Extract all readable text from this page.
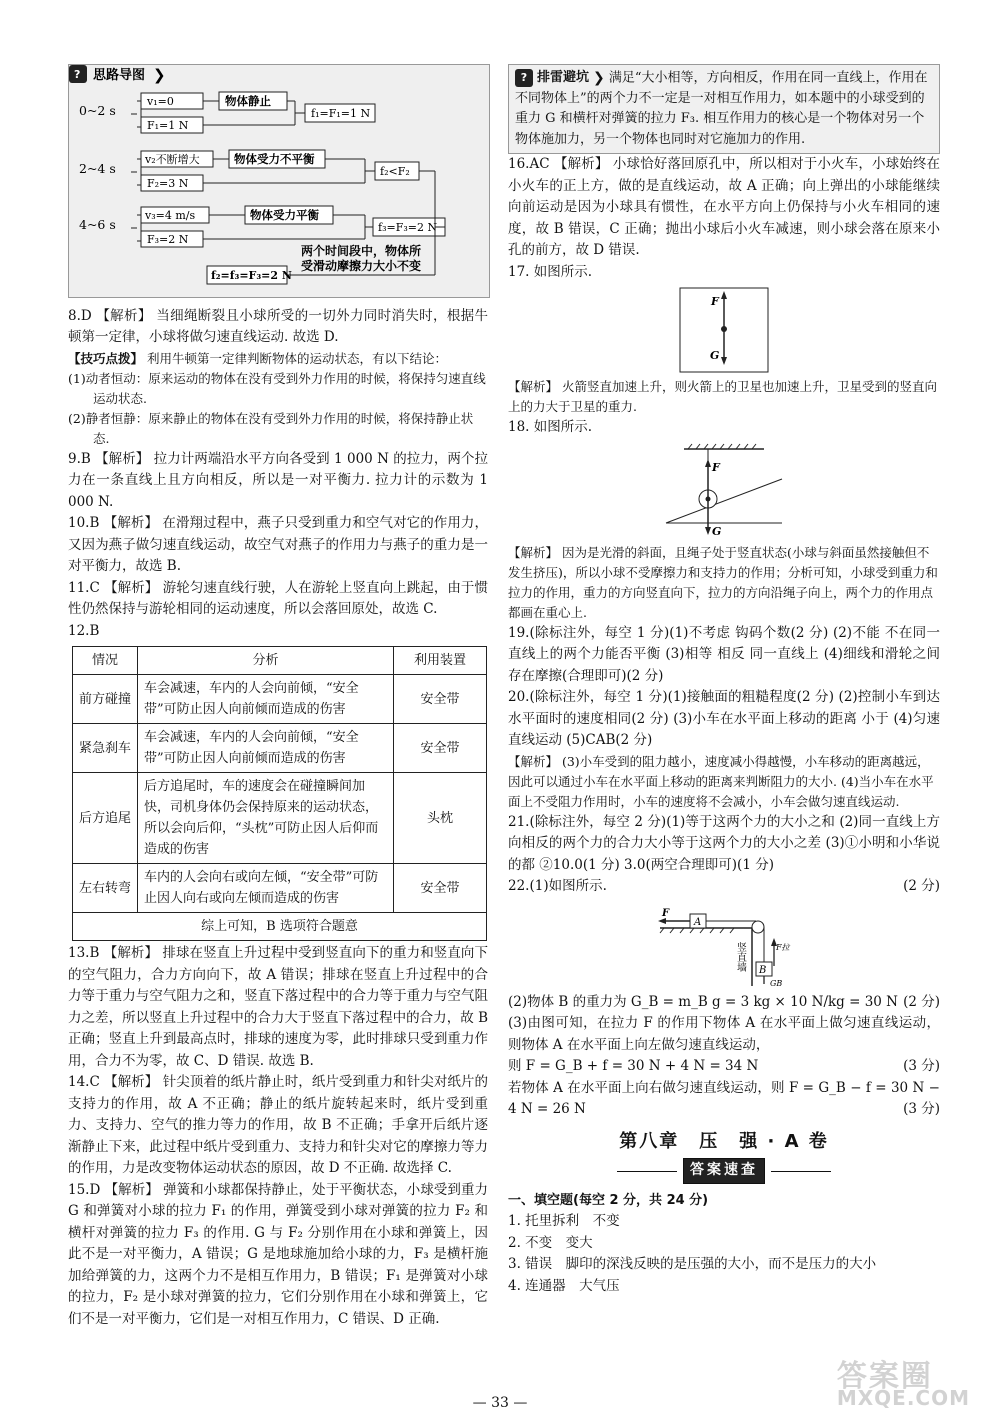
? 思路导图 ❯
0~2 s
v₁=0
F₁=1 N
物体静止
f₁=F₁=1 N
2~4 s
v₂不断增大
F₂=3 N
物体受力不平衡
f₂<F₂
4~6 s
v₃=4 m/s
F₃=2 N
物体受力平衡
f₃=F₃=2 N
两个时间段中，物体所
受滑动摩擦力大小不变
f₂=f₃=F₃=2 N

8.D 【解析】 当细绳断裂且小球所受的一切外力同时消失时，根据牛顿第一定律，小球将做匀速直线运动. 故选 D.

【技巧点拨】 利用牛顿第一定律判断物体的运动状态，有以下结论：

(1)动者恒动：原来运动的物体在没有受到外力作用的时候，将保持匀速直线运动状态.

(2)静者恒静：原来静止的物体在没有受到外力作用的时候，将保持静止状态.

9.B 【解析】 拉力计两端沿水平方向各受到 1 000 N 的拉力，两个拉力在一条直线上且方向相反，所以是一对平衡力. 拉力计的示数为 1 000 N.

10.B 【解析】 在滑翔过程中，燕子只受到重力和空气对它的作用力，又因为燕子做匀速直线运动，故空气对燕子的作用力与燕子的重力是一对平衡力，故选 B.

11.C 【解析】 游轮匀速直线行驶，人在游轮上竖直向上跳起，由于惯性仍然保持与游轮相同的运动速度，所以会落回原处，故选 C.

12.B

情况	分析	利用装置
前方碰撞	车会减速，车内的人会向前倾，“安全带”可防止因人向前倾而造成的伤害	安全带
紧急刹车	车会减速，车内的人会向前倾，“安全带”可防止因人向前倾而造成的伤害	安全带
后方追尾	后方追尾时，车的速度会在碰撞瞬间加快，司机身体仍会保持原来的运动状态，所以会向后仰，“头枕”可防止因人后仰而造成的伤害	头枕
左右转弯	车内的人会向右或向左倾，“安全带”可防止因人向右或向左倾而造成的伤害	安全带
综上可知，B 选项符合题意		

13.B 【解析】 排球在竖直上升过程中受到竖直向下的重力和竖直向下的空气阻力，合力方向向下，故 A 错误；排球在竖直上升过程中的合力等于重力与空气阻力之和，竖直下落过程中的合力等于重力与空气阻力之差，所以竖直上升过程中的合力大于竖直下落过程中的合力，故 B 正确；竖直上升到最高点时，排球的速度为零，此时排球只受到重力作用，合力不为零，故 C、D 错误. 故选 B.

14.C 【解析】 针尖顶着的纸片静止时，纸片受到重力和针尖对纸片的支持力的作用，故 A 不正确；静止的纸片旋转起来时，纸片受到重力、支持力、空气的推力等力的作用，故 B 不正确；手拿开后纸片逐渐静止下来，此过程中纸片受到重力、支持力和针尖对它的摩擦力等力的作用，力是改变物体运动状态的原因，故 D 不正确. 故选择 C.

15.D 【解析】 弹簧和小球都保持静止，处于平衡状态，小球受到重力 G 和弹簧对小球的拉力 F₁ 的作用，弹簧受到小球对弹簧的拉力 F₂ 和横杆对弹簧的拉力 F₃ 的作用. G 与 F₂ 分别作用在小球和弹簧上，因此不是一对平衡力，A 错误；G 是地球施加给小球的力，F₃ 是横杆施加给弹簧的力，这两个力不是相互作用力，B 错误；F₁ 是弹簧对小球的拉力，F₂ 是小球对弹簧的拉力，它们分别作用在小球和弹簧上，它们不是一对平衡力，它们是一对相互作用力，C 错误、D 正确.

? 排雷避坑 ❯ 满足“大小相等，方向相反，作用在同一直线上，作用在不同物体上”的两个力不一定是一对相互作用力，如本题中的小球受到的重力 G 和横杆对弹簧的拉力 F₃. 相互作用力的核心是一个物体对另一个物体施加力，另一个物体也同时对它施加力的作用.

16.AC 【解析】 小球恰好落回原孔中，所以相对于小火车，小球始终在小火车的正上方，做的是直线运动，故 A 正确；向上弹出的小球能继续向前运动是因为小球具有惯性，在水平方向上仍保持与小火车相同的速度，故 B 错误，C 正确；抛出小球后小火车减速，则小球会落在原来小孔的前方，故 D 错误.

17. 如图所示.

F
G

【解析】 火箭竖直加速上升，则火箭上的卫星也加速上升，卫星受到的竖直向上的力大于卫星的重力.

18. 如图所示.

F
G

【解析】 因为是光滑的斜面，且绳子处于竖直状态(小球与斜面虽然接触但不发生挤压)，所以小球不受摩擦力和支持力的作用；分析可知，小球受到重力和拉力的作用，重力的方向竖直向下，拉力的方向沿绳子向上，两个力的作用点都画在重心上.

19.(除标注外，每空 1 分)(1)不考虑 钩码个数(2 分) (2)不能 不在同一直线上的两个力能否平衡 (3)相等 相反 同一直线上 (4)细线和滑轮之间存在摩擦(合理即可)(2 分)

20.(除标注外，每空 1 分)(1)接触面的粗糙程度(2 分) (2)控制小车到达水平面时的速度相同(2 分) (3)小车在水平面上移动的距离 小于 (4)匀速直线运动 (5)CAB(2 分)

【解析】 (3)小车受到的阻力越小，速度减小得越慢，小车移动的距离越远，因此可以通过小车在水平面上移动的距离来判断阻力的大小. (4)当小车在水平面上不受阻力作用时，小车的速度将不会减小，小车会做匀速直线运动.

21.(除标注外，每空 2 分)(1)等于这两个力的大小之和 (2)同一直线上方向相反的两个力的合力大小等于这两个力的大小之差 (3)①小明和小华说的都 ②10.0(1 分) 3.0(两空合理即可)(1 分)

22.(1)如图所示.	(2 分)

A
F
B
F拉
GB
竖直墙

(2)物体 B 的重力为 G_B = m_B g = 3 kg × 10 N/kg = 30 N (2 分)

(3)由图可知，在拉力 F 的作用下物体 A 在水平面上做匀速直线运动，则物体 A 在水平面上向左做匀速直线运动，

则 F = G_B + f = 30 N + 4 N = 34 N	(3 分)

若物体 A 在水平面上向右做匀速直线运动，则 F = G_B − f = 30 N − 4 N = 26 N	(3 分)

第八章　压　强 · A 卷
答案速查

一、填空题(每空 2 分，共 24 分)

1. 托里拆利　不变

2. 不变　变大

3. 错误　脚印的深浅反映的是压强的大小，而不是压力的大小

4. 连通器　大气压

— 33 —
答案圈
MXQE.COM
